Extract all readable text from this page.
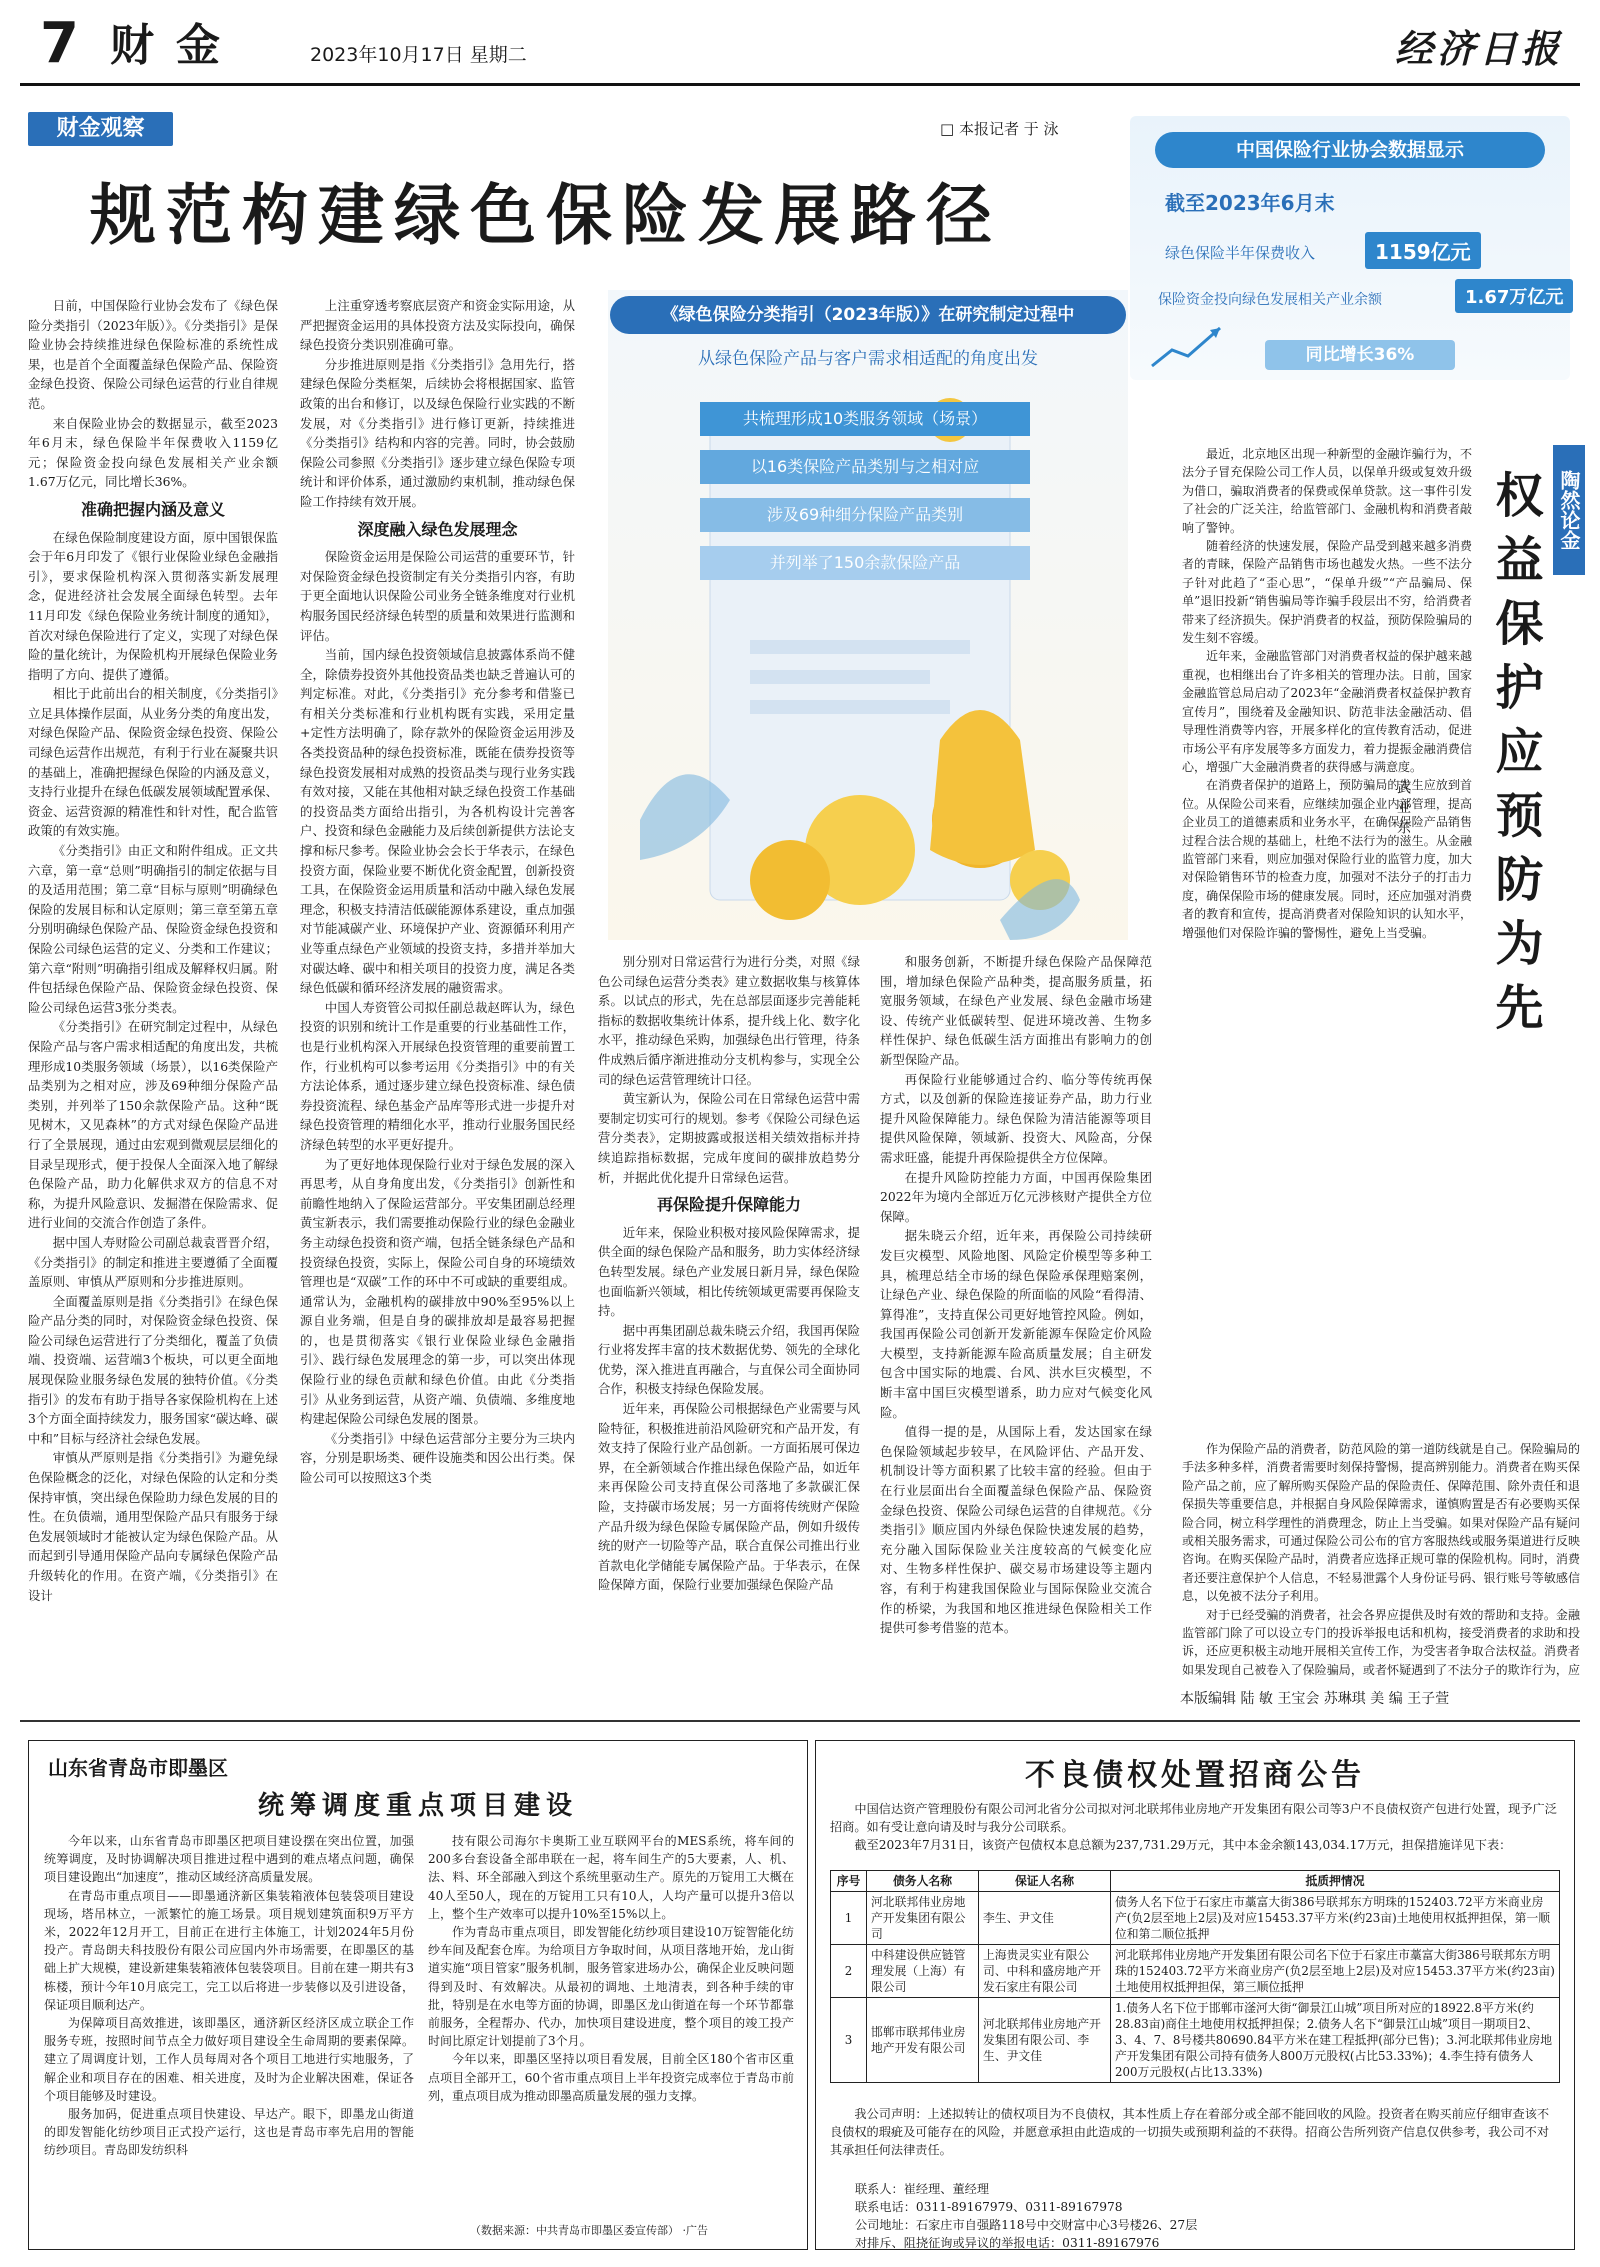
7 财金	2023年10月17日 星期二	经济日报
财金观察	□ 本报记者 于 泳
规范构建绿色保险发展路径
中国保险行业协会数据显示
截至2023年6月末
绿色保险半年保费收入	1159亿元
保险资金投向绿色发展相关产业余额	1.67万亿元
同比增长36%
《绿色保险分类指引（2023年版）》在研究制定过程中
从绿色保险产品与客户需求相适配的角度出发
共梳理形成10类服务领域（场景）
以16类保险产品类别与之相对应
涉及69种细分保险产品类别
并列举了150余款保险产品

日前，中国保险行业协会发布了《绿色保险分类指引（2023年版）》。《分类指引》是保险业协会持续推进绿色保险标准的系统性成果，也是首个全面覆盖绿色保险产品、保险资金绿色投资、保险公司绿色运营的行业自律规范。

来自保险业协会的数据显示，截至2023年6月末，绿色保险半年保费收入1159亿元；保险资金投向绿色发展相关产业余额1.67万亿元，同比增长36%。

准确把握内涵及意义

在绿色保险制度建设方面，原中国银保监会于年6月印发了《银行业保险业绿色金融指引》，要求保险机构深入贯彻落实新发展理念，促进经济社会发展全面绿色转型。去年11月印发《绿色保险业务统计制度的通知》，首次对绿色保险进行了定义，实现了对绿色保险的量化统计，为保险机构开展绿色保险业务指明了方向、提供了遵循。

相比于此前出台的相关制度，《分类指引》立足具体操作层面，从业务分类的角度出发，对绿色保险产品、保险资金绿色投资、保险公司绿色运营作出规范，有利于行业在凝聚共识的基础上，准确把握绿色保险的内涵及意义，支持行业提升在绿色低碳发展领域配置承保、资金、运营资源的精准性和针对性，配合监管政策的有效实施。

《分类指引》由正文和附件组成。正文共六章，第一章“总则”明确指引的制定依据与目的及适用范围；第二章“目标与原则”明确绿色保险的发展目标和认定原则；第三章至第五章分别明确绿色保险产品、保险资金绿色投资和保险公司绿色运营的定义、分类和工作建议；第六章“附则”明确指引组成及解释权归属。附件包括绿色保险产品、保险资金绿色投资、保险公司绿色运营3张分类表。

《分类指引》在研究制定过程中，从绿色保险产品与客户需求相适配的角度出发，共梳理形成10类服务领域（场景），以16类保险产品类别为之相对应，涉及69种细分保险产品类别，并列举了150余款保险产品。这种“既见树木，又见森林”的方式对绿色保险产品进行了全景展现，通过由宏观到微观层层细化的目录呈现形式，便于投保人全面深入地了解绿色保险产品，助力化解供求双方的信息不对称，为提升风险意识、发掘潜在保险需求、促进行业间的交流合作创造了条件。

据中国人寿财险公司副总裁袁晋晋介绍，《分类指引》的制定和推进主要遵循了全面覆盖原则、审慎从严原则和分步推进原则。

全面覆盖原则是指《分类指引》在绿色保险产品分类的同时，对保险资金绿色投资、保险公司绿色运营进行了分类细化，覆盖了负债端、投资端、运营端3个板块，可以更全面地展现保险业服务绿色发展的独特价值。《分类指引》的发布有助于指导各家保险机构在上述3个方面全面持续发力，服务国家“碳达峰、碳中和”目标与经济社会绿色发展。

审慎从严原则是指《分类指引》为避免绿色保险概念的泛化，对绿色保险的认定和分类保持审慎，突出绿色保险助力绿色发展的目的性。在负债端，通用型保险产品只有服务于绿色发展领域时才能被认定为绿色保险产品。从而起到引导通用保险产品向专属绿色保险产品升级转化的作用。在资产端，《分类指引》在设计

上注重穿透考察底层资产和资金实际用途，从严把握资金运用的具体投资方法及实际投向，确保绿色投资分类识别准确可靠。

分步推进原则是指《分类指引》急用先行，搭建绿色保险分类框架，后续协会将根据国家、监管政策的出台和修订，以及绿色保险行业实践的不断发展，对《分类指引》进行修订更新，持续推进《分类指引》结构和内容的完善。同时，协会鼓励保险公司参照《分类指引》逐步建立绿色保险专项统计和评价体系，通过激励约束机制，推动绿色保险工作持续有效开展。

深度融入绿色发展理念

保险资金运用是保险公司运营的重要环节，针对保险资金绿色投资制定有关分类指引内容，有助于更全面地认识保险公司业务全链条维度对行业机构服务国民经济绿色转型的质量和效果进行监测和评估。

当前，国内绿色投资领域信息披露体系尚不健全，除债券投资外其他投资品类也缺乏普遍认可的判定标准。对此，《分类指引》充分参考和借鉴已有相关分类标准和行业机构既有实践，采用定量+定性方法明确了，除存款外的保险资金运用涉及各类投资品种的绿色投资标准，既能在债券投资等绿色投资发展相对成熟的投资品类与现行业务实践有效对接，又能在其他相对缺乏绿色投资工作基础的投资品类方面给出指引，为各机构设计完善客户、投资和绿色金融能力及后续创新提供方法论支撑和标尺参考。保险业协会会长于华表示，在绿色投资方面，保险业要不断优化资金配置，创新投资工具，在保险资金运用质量和活动中融入绿色发展理念，积极支持清洁低碳能源体系建设，重点加强对节能减碳产业、环境保护产业、资源循环利用产业等重点绿色产业领域的投资支持，多措并举加大对碳达峰、碳中和相关项目的投资力度，满足各类绿色低碳和循环经济发展的融资需求。

中国人寿资管公司拟任副总裁赵晖认为，绿色投资的识别和统计工作是重要的行业基础性工作，也是行业机构深入开展绿色投资管理的重要前置工作，行业机构可以参考运用《分类指引》中的有关方法论体系，通过逐步建立绿色投资标准、绿色债券投资流程、绿色基金产品库等形式进一步提升对绿色投资管理的精细化水平，推动行业服务国民经济绿色转型的水平更好提升。

为了更好地体现保险行业对于绿色发展的深入再思考，从自身角度出发，《分类指引》创新性和前瞻性地纳入了保险运营部分。平安集团副总经理黄宝新表示，我们需要推动保险行业的绿色金融业务主动绿色投资和资产端，包括全链条绿色产品和投资绿色投资，实际上，保险公司自身的环境绩效管理也是“双碳”工作的环中不可或缺的重要组成。通常认为，金融机构的碳排放中90%至95%以上源自业务端，但是自身的碳排放却是最容易把握的，也是贯彻落实《银行业保险业绿色金融指引》、践行绿色发展理念的第一步，可以突出体现保险行业的绿色贡献和绿色价值。由此《分类指引》从业务到运营，从资产端、负债端、多维度地构建起保险公司绿色发展的图景。

《分类指引》中绿色运营部分主要分为三块内容，分别是职场类、硬件设施类和因公出行类。保险公司可以按照这3个类

别分别对日常运营行为进行分类，对照《绿色公司绿色运营分类表》建立数据收集与核算体系。以试点的形式，先在总部层面逐步完善能耗指标的数据收集统计体系，提升线上化、数字化水平，推动绿色采购，加强绿色出行管理，待条件成熟后循序渐进推动分支机构参与，实现全公司的绿色运营管理统计口径。

黄宝新认为，保险公司在日常绿色运营中需要制定切实可行的规划。参考《保险公司绿色运营分类表》，定期披露或报送相关绩效指标并持续追踪指标数据，完成年度间的碳排放趋势分析，并据此优化提升日常绿色运营。

再保险提升保障能力

近年来，保险业积极对接风险保障需求，提供全面的绿色保险产品和服务，助力实体经济绿色转型发展。绿色产业发展日新月异，绿色保险也面临新兴领域，相比传统领域更需要再保险支持。

据中再集团副总裁朱晓云介绍，我国再保险行业将发挥丰富的技术数据优势、领先的全球化优势，深入推进直再融合，与直保公司全面协同合作，积极支持绿色保险发展。

近年来，再保险公司根据绿色产业需要与风险特征，积极推进前沿风险研究和产品开发，有效支持了保险行业产品创新。一方面拓展可保边界，在全新领域合作推出绿色保险产品，如近年来再保险公司支持直保公司落地了多款碳汇保险，支持碳市场发展；另一方面将传统财产保险产品升级为绿色保险专属保险产品，例如升级传统的财产一切险等产品，联合直保公司推出行业首款电化学储能专属保险产品。于华表示，在保险保障方面，保险行业要加强绿色保险产品

和服务创新，不断提升绿色保险产品保障范围，增加绿色保险产品种类，提高服务质量，拓宽服务领域，在绿色产业发展、绿色金融市场建设、传统产业低碳转型、促进环境改善、生物多样性保护、绿色低碳生活方面推出有影响力的创新型保险产品。

再保险行业能够通过合约、临分等传统再保方式，以及创新的保险连接证券产品，助力行业提升风险保障能力。绿色保险为清洁能源等项目提供风险保障，领域新、投资大、风险高，分保需求旺盛，能提升再保险提供全方位保障。

在提升风险防控能力方面，中国再保险集团2022年为境内全部近万亿元涉核财产提供全方位保障。

据朱晓云介绍，近年来，再保险公司持续研发巨灾模型、风险地图、风险定价模型等多种工具，梳理总结全市场的绿色保险承保理赔案例，让绿色产业、绿色保险的所面临的风险“看得清、算得准”，支持直保公司更好地管控风险。例如，我国再保险公司创新开发新能源车保险定价风险大模型，支持新能源车险高质量发展；自主研发包含中国实际的地震、台风、洪水巨灾模型，不断丰富中国巨灾模型谱系，助力应对气候变化风险。

值得一提的是，从国际上看，发达国家在绿色保险领域起步较早，在风险评估、产品开发、机制设计等方面积累了比较丰富的经验。但由于在行业层面出台全面覆盖绿色保险产品、保险资金绿色投资、保险公司绿色运营的自律规范。《分类指引》顺应国内外绿色保险快速发展的趋势，充分融入国际保险业关注度较高的气候变化应对、生物多样性保护、碳交易市场建设等主题内容，有利于构建我国保险业与国际保险业交流合作的桥梁，为我国和地区推进绿色保险相关工作提供可参考借鉴的范本。

陶然论金
权益保护应预防为先
武亚东

最近，北京地区出现一种新型的金融诈骗行为，不法分子冒充保险公司工作人员，以保单升级或复效升级为借口，骗取消费者的保费或保单贷款。这一事件引发了社会的广泛关注，给监管部门、金融机构和消费者敲响了警钟。

随着经济的快速发展，保险产品受到越来越多消费者的青睐，保险产品销售市场也越发火热。一些不法分子针对此趋了“歪心思”，“保单升级”“产品骗局、保单”退旧投新“销售骗局等诈骗手段层出不穷，给消费者带来了经济损失。保护消费者的权益，预防保险骗局的发生刻不容缓。

近年来，金融监管部门对消费者权益的保护越来越重视，也相继出台了许多相关的管理办法。日前，国家金融监管总局启动了2023年“金融消费者权益保护教育宣传月”，围绕着及金融知识、防范非法金融活动、倡导理性消费等内容，开展多样化的宣传教育活动，促进市场公平有序发展等多方面发力，着力提振金融消费信心，增强广大金融消费者的获得感与满意度。

在消费者保护的道路上，预防骗局的发生应放到首位。从保险公司来看，应继续加强企业内部管理，提高企业员工的道德素质和业务水平，在确保保险产品销售过程合法合规的基础上，杜绝不法行为的滋生。从金融监管部门来看，则应加强对保险行业的监管力度，加大对保险销售环节的检查力度，加强对不法分子的打击力度，确保保险市场的健康发展。同时，还应加强对消费者的教育和宣传，提高消费者对保险知识的认知水平，增强他们对保险诈骗的警惕性，避免上当受骗。

作为保险产品的消费者，防范风险的第一道防线就是自己。保险骗局的手法多种多样，消费者需要时刻保持警惕，提高辨别能力。消费者在购买保险产品之前，应了解所购买保险产品的保险责任、保障范围、除外责任和退保损失等重要信息，并根据自身风险保障需求，谨慎购置是否有必要购买保险合同，树立科学理性的消费理念，防止上当受骗。如果对保险产品有疑问或相关服务需求，可通过保险公司公布的官方客服热线或服务渠道进行反映咨询。在购买保险产品时，消费者应选择正规可靠的保险机构。同时，消费者还要注意保护个人信息，不轻易泄露个人身份证号码、银行账号等敏感信息，以免被不法分子利用。

对于已经受骗的消费者，社会各界应提供及时有效的帮助和支持。金融监管部门除了可以设立专门的投诉举报电话和机构，接受消费者的求助和投诉，还应更积极主动地开展相关宣传工作，为受害者争取合法权益。消费者如果发现自己被卷入了保险骗局，或者怀疑遇到了不法分子的欺诈行为，应

本版编辑 陆 敏 王宝会 苏琳琪 美 编 王子萱
山东省青岛市即墨区
统筹调度重点项目建设

今年以来，山东省青岛市即墨区把项目建设摆在突出位置，加强统筹调度，及时协调解决项目推进过程中遇到的难点堵点问题，确保项目建设跑出“加速度”，推动区域经济高质量发展。

在青岛市重点项目——即墨通济新区集装箱液体包装袋项目建设现场，塔吊林立，一派繁忙的施工场景。项目规划建筑面积9万平方米，2022年12月开工，目前正在进行主体施工，计划2024年5月份投产。青岛朗夫科技股份有限公司应国内外市场需要，在即墨区的基础上扩大规模，建设新建集装箱液体包装袋项目。目前在建一期共有3栋楼，预计今年10月底完工，完工以后将进一步装修以及引进设备，保证项目顺利达产。

为保障项目高效推进，该即墨区，通济新区经济区成立联企工作服务专班，按照时间节点全力做好项目建设全生命周期的要素保障。建立了周调度计划，工作人员每周对各个项目工地进行实地服务，了解企业和项目存在的困难、相关进度，及时为企业解决困难，保证各个项目能够及时建设。

服务加码，促进重点项目快建设、早达产。眼下，即墨龙山街道的即发智能化纺纱项目正式投产运行，这也是青岛市率先启用的智能纺纱项目。青岛即发纺织科

技有限公司海尔卡奥斯工业互联网平台的MES系统，将车间的200多台套设备全部串联在一起，将车间生产的5大要素，人、机、法、料、环全部融入到这个系统里驱动生产。原先的万锭用工大概在40人至50人，现在的万锭用工只有10人，人均产量可以提升3倍以上，整个生产效率可以提升10%至15%以上。

作为青岛市重点项目，即发智能化纺纱项目建设10万锭智能化纺纱车间及配套仓库。为给项目方争取时间，从项目落地开始，龙山街道实施“项目管家”服务机制，服务管家进场办公，确保企业反映问题得到及时、有效解决。从最初的调地、土地清表，到各种手续的审批，特别是在水电等方面的协调，即墨区龙山街道在每一个环节都靠前服务，全程帮办、代办，加快项目建设进度，整个项目的竣工投产时间比原定计划提前了3个月。

今年以来，即墨区坚持以项目看发展，目前全区180个省市区重点项目全部开工，60个省市重点项目上半年投资完成率位于青岛市前列，重点项目成为推动即墨高质量发展的强力支撑。

（数据来源：中共青岛市即墨区委宣传部） ·广告
不良债权处置招商公告

中国信达资产管理股份有限公司河北省分公司拟对河北联邦伟业房地产开发集团有限公司等3户不良债权资产包进行处置，现予广泛招商。如有受让意向请及时与我分公司联系。

截至2023年7月31日，该资产包债权本息总额为237,731.29万元，其中本金余额143,034.17万元，担保措施详见下表：

序号	债务人名称	保证人名称	抵质押情况
1	河北联邦伟业房地产开发集团有限公司	李生、尹文佳	债务人名下位于石家庄市藁富大街386号联邦东方明珠的152403.72平方米商业房产(负2层至地上2层)及对应15453.37平方米(约23亩)土地使用权抵押担保，第一顺位和第二顺位抵押
2	中科建设供应链管理发展（上海）有限公司	上海贵灵实业有限公司、中科和盛房地产开发石家庄有限公司	河北联邦伟业房地产开发集团有限公司名下位于石家庄市藁富大街386号联邦东方明珠的152403.72平方米商业房产(负2层至地上2层)及对应15453.37平方米(约23亩)土地使用权抵押担保，第三顺位抵押
3	邯郸市联邦伟业房地产开发有限公司	河北联邦伟业房地产开发集团有限公司、李生、尹文佳	1.债务人名下位于邯郸市滏河大街“御景江山城”项目所对应的18922.8平方米(约28.83亩)商住土地使用权抵押担保；2.债务人名下“御景江山城”项目一期项目2、3、4、7、8号楼共80690.84平方米在建工程抵押(部分已售)；3.河北联邦伟业房地产开发集团有限公司持有债务人800万元股权(占比53.33%)；4.李生持有债务人200万元股权(占比13.33%)
我公司声明：上述拟转让的债权项目为不良债权，其本性质上存在着部分或全部不能回收的风险。投资者在购买前应仔细审查该不良债权的瑕疵及可能存在的风险，并愿意承担由此造成的一切损失或预期利益的不获得。招商公告所列资产信息仅供参考，我公司不对其承担任何法律责任。
联系人：崔经理、董经理
联系电话：0311-89167979、0311-89167978
公司地址：石家庄市自强路118号中交财富中心3号楼26、27层
对排斥、阻挠征询或异议的举报电话：0311-89167976
